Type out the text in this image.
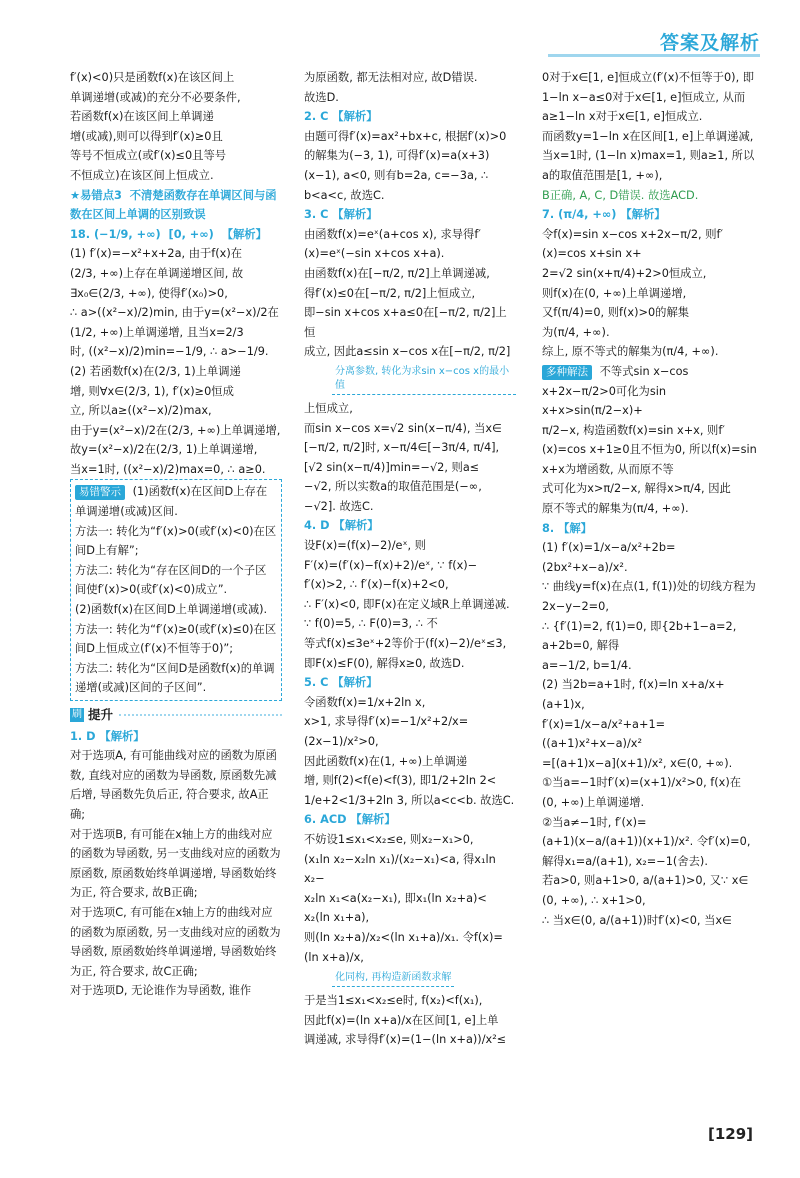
答案及解析

f′(x)<0)只是函数f(x)在该区间上

单调递增(或减)的充分不必要条件,

若函数f(x)在该区间上单调递

增(或减),则可以得到f′(x)≥0且

等号不恒成立(或f′(x)≤0且等号

不恒成立)在该区间上恒成立.

★易错点3  不清楚函数存在单调区间与函数在区间上单调的区别致误

18. (−1/9, +∞)  [0, +∞)  【解析】

(1) f′(x)=−x²+x+2a, 由于f(x)在

(2/3, +∞)上存在单调递增区间, 故

∃x₀∈(2/3, +∞), 使得f′(x₀)>0,

∴ a>((x²−x)/2)min, 由于y=(x²−x)/2在

(1/2, +∞)上单调递增, 且当x=2/3

时, ((x²−x)/2)min=−1/9, ∴ a>−1/9.

(2) 若函数f(x)在(2/3, 1)上单调递

增, 则∀x∈(2/3, 1), f′(x)≥0恒成

立, 所以a≥((x²−x)/2)max,

由于y=(x²−x)/2在(2/3, +∞)上单调递增,

故y=(x²−x)/2在(2/3, 1)上单调递增,

当x=1时, ((x²−x)/2)max=0, ∴ a≥0.

易错警示 (1)函数f(x)在区间D上存在单调递增(或减)区间.

方法一: 转化为“f′(x)>0(或f′(x)<0)在区间D上有解”;

方法二: 转化为“存在区间D的一个子区间使f′(x)>0(或f′(x)<0)成立”.

(2)函数f(x)在区间D上单调递增(或减).

方法一: 转化为“f′(x)≥0(或f′(x)≤0)在区间D上恒成立(f′(x)不恒等于0)”;

方法二: 转化为“区间D是函数f(x)的单调递增(或减)区间的子区间”.

刷 提升

1. D 【解析】

对于选项A, 有可能曲线对应的函数为原函数, 直线对应的函数为导函数, 原函数先减后增, 导函数先负后正, 符合要求, 故A正确;

对于选项B, 有可能在x轴上方的曲线对应的函数为导函数, 另一支曲线对应的函数为原函数, 原函数始终单调递增, 导函数始终为正, 符合要求, 故B正确;

对于选项C, 有可能在x轴上方的曲线对应的函数为原函数, 另一支曲线对应的函数为导函数, 原函数始终单调递增, 导函数始终为正, 符合要求, 故C正确;

对于选项D, 无论谁作为导函数, 谁作

为原函数, 都无法相对应, 故D错误.

故选D.

2. C 【解析】

由题可得f′(x)=ax²+bx+c, 根据f′(x)>0的解集为(−3, 1), 可得f′(x)=a(x+3)(x−1), a<0, 则有b=2a, c=−3a, ∴ b<a<c, 故选C.

3. C 【解析】

由函数f(x)=eˣ(a+cos x), 求导得f′(x)=eˣ(−sin x+cos x+a).

由函数f(x)在[−π/2, π/2]上单调递减,

得f′(x)≤0在[−π/2, π/2]上恒成立,

即−sin x+cos x+a≤0在[−π/2, π/2]上恒

成立, 因此a≤sin x−cos x在[−π/2, π/2]

分离参数, 转化为求sin x−cos x的最小值

上恒成立,

而sin x−cos x=√2 sin(x−π/4), 当x∈

[−π/2, π/2]时, x−π/4∈[−3π/4, π/4],

[√2 sin(x−π/4)]min=−√2, 则a≤

−√2, 所以实数a的取值范围是(−∞, −√2]. 故选C.

4. D 【解析】

设F(x)=(f(x)−2)/eˣ, 则

F′(x)=(f′(x)−f(x)+2)/eˣ, ∵ f(x)−

f′(x)>2, ∴ f′(x)−f(x)+2<0,

∴ F′(x)<0, 即F(x)在定义域R上单调递减. ∵ f(0)=5, ∴ F(0)=3, ∴ 不

等式f(x)≤3eˣ+2等价于(f(x)−2)/eˣ≤3,

即F(x)≤F(0), 解得x≥0, 故选D.

5. C 【解析】

令函数f(x)=1/x+2ln x,

x>1, 求导得f′(x)=−1/x²+2/x=

(2x−1)/x²>0,

因此函数f(x)在(1, +∞)上单调递

增, 则f(2)<f(e)<f(3), 即1/2+2ln 2<

1/e+2<1/3+2ln 3, 所以a<c<b. 故选C.

6. ACD 【解析】

不妨设1≤x₁<x₂≤e, 则x₂−x₁>0,

(x₁ln x₂−x₂ln x₁)/(x₂−x₁)<a, 得x₁ln x₂−

x₂ln x₁<a(x₂−x₁), 即x₁(ln x₂+a)<

x₂(ln x₁+a),

则(ln x₂+a)/x₂<(ln x₁+a)/x₁. 令f(x)=(ln x+a)/x,

化同构, 再构造新函数求解

于是当1≤x₁<x₂≤e时, f(x₂)<f(x₁),

因此f(x)=(ln x+a)/x在区间[1, e]上单

调递减, 求导得f′(x)=(1−(ln x+a))/x²≤

0对于x∈[1, e]恒成立(f′(x)不恒等于0), 即1−ln x−a≤0对于x∈[1, e]恒成立, 从而a≥1−ln x对于x∈[1, e]恒成立.

而函数y=1−ln x在区间[1, e]上单调递减, 当x=1时, (1−ln x)max=1, 则a≥1, 所以a的取值范围是[1, +∞),

B正确, A, C, D错误. 故选ACD.

7. (π/4, +∞) 【解析】

令f(x)=sin x−cos x+2x−π/2, 则f′(x)=cos x+sin x+

2=√2 sin(x+π/4)+2>0恒成立,

则f(x)在(0, +∞)上单调递增,

又f(π/4)=0, 则f(x)>0的解集

为(π/4, +∞).

综上, 原不等式的解集为(π/4, +∞).

多种解法 不等式sin x−cos x+2x−π/2>0可化为sin x+x>sin(π/2−x)+

π/2−x, 构造函数f(x)=sin x+x, 则f′(x)=cos x+1≥0且不恒为0, 所以f(x)=sin x+x为增函数, 从而原不等

式可化为x>π/2−x, 解得x>π/4, 因此

原不等式的解集为(π/4, +∞).

8. 【解】

(1) f′(x)=1/x−a/x²+2b=

(2bx²+x−a)/x².

∵ 曲线y=f(x)在点(1, f(1))处的切线方程为2x−y−2=0,

∴ {f′(1)=2, f(1)=0, 即{2b+1−a=2, a+2b=0, 解得

a=−1/2, b=1/4.

(2) 当2b=a+1时, f(x)=ln x+a/x+

(a+1)x,

f′(x)=1/x−a/x²+a+1=((a+1)x²+x−a)/x²

=[(a+1)x−a](x+1)/x², x∈(0, +∞).

①当a=−1时f′(x)=(x+1)/x²>0, f(x)在

(0, +∞)上单调递增.

②当a≠−1时, f′(x)=

(a+1)(x−a/(a+1))(x+1)/x². 令f′(x)=0,

解得x₁=a/(a+1), x₂=−1(舍去).

若a>0, 则a+1>0, a/(a+1)>0, 又∵ x∈

(0, +∞), ∴ x+1>0,

∴ 当x∈(0, a/(a+1))时f′(x)<0, 当x∈

[129]
